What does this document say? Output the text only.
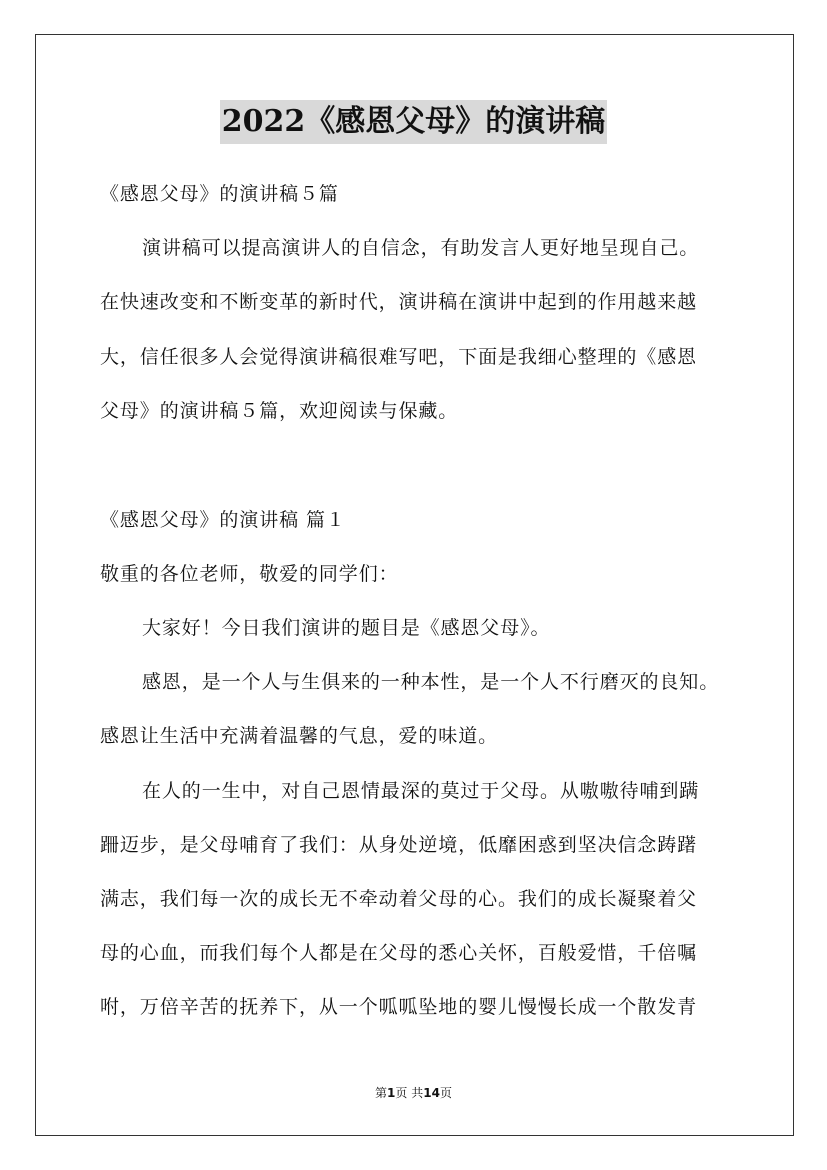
2022《感恩父母》的演讲稿
《感恩父母》的演讲稿５篇
演讲稿可以提高演讲人的自信念，有助发言人更好地呈现自己。
在快速改变和不断变革的新时代，演讲稿在演讲中起到的作用越来越
大，信任很多人会觉得演讲稿很难写吧，下面是我细心整理的《感恩
父母》的演讲稿５篇，欢迎阅读与保藏。
《感恩父母》的演讲稿 篇１
敬重的各位老师，敬爱的同学们：
大家好！今日我们演讲的题目是《感恩父母》。
感恩，是一个人与生俱来的一种本性，是一个人不行磨灭的良知。
感恩让生活中充满着温馨的气息，爱的味道。
在人的一生中，对自己恩情最深的莫过于父母。从嗷嗷待哺到蹒
跚迈步，是父母哺育了我们：从身处逆境，低靡困惑到坚决信念踌躇
满志，我们每一次的成长无不牵动着父母的心。我们的成长凝聚着父
母的心血，而我们每个人都是在父母的悉心关怀，百般爱惜，千倍嘱
咐，万倍辛苦的抚养下，从一个呱呱坠地的婴儿慢慢长成一个散发青
第1页 共14页
